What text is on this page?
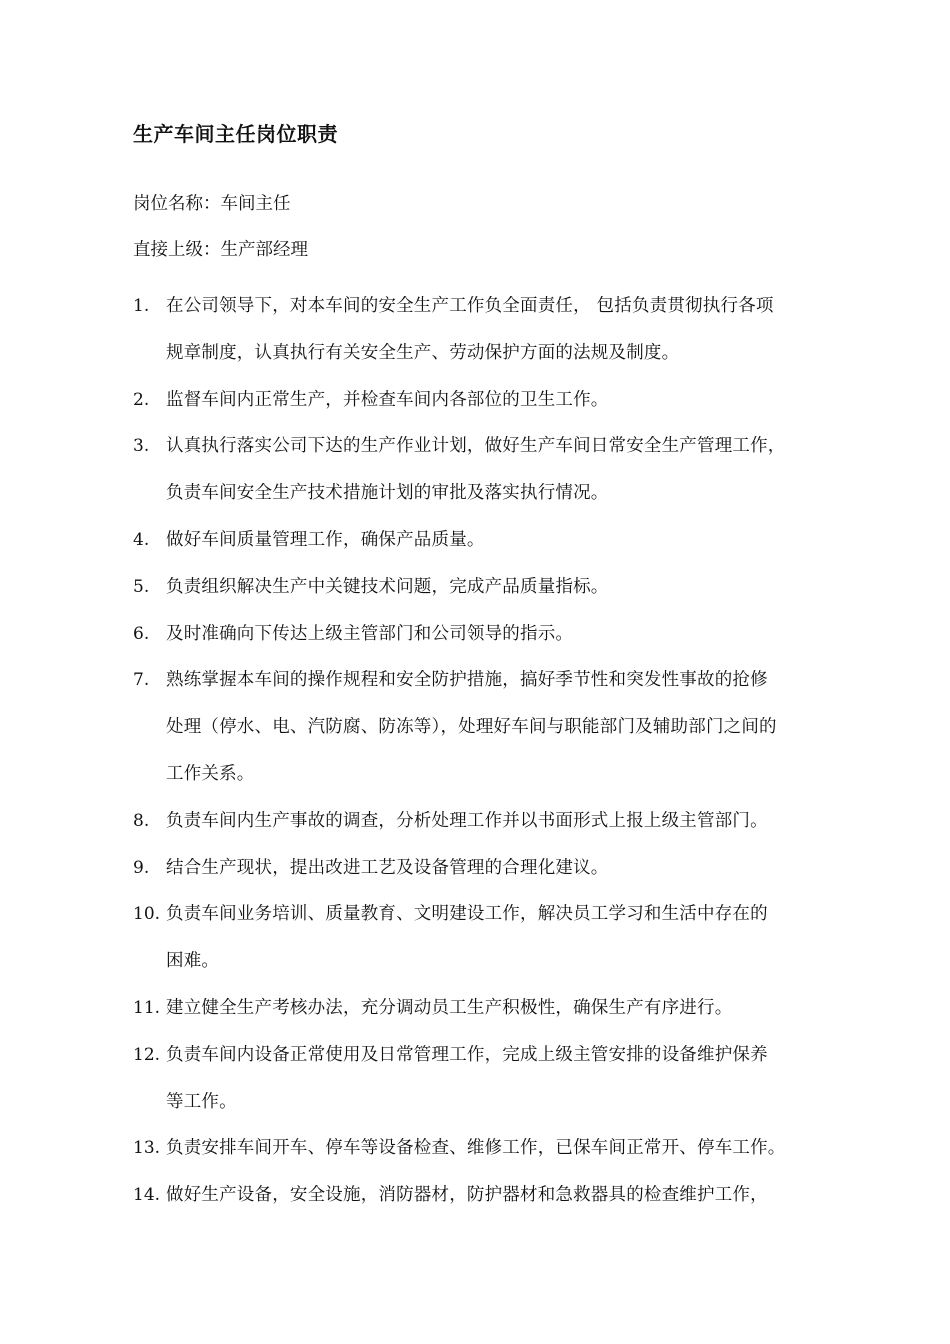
生产车间主任岗位职责
岗位名称：车间主任
直接上级：生产部经理
1. 在公司领导下，对本车间的安全生产工作负全面责任， 包括负责贯彻执行各项
规章制度，认真执行有关安全生产、劳动保护方面的法规及制度。
2. 监督车间内正常生产，并检查车间内各部位的卫生工作。
3. 认真执行落实公司下达的生产作业计划，做好生产车间日常安全生产管理工作，
负责车间安全生产技术措施计划的审批及落实执行情况。
4. 做好车间质量管理工作，确保产品质量。
5. 负责组织解决生产中关键技术问题，完成产品质量指标。
6. 及时准确向下传达上级主管部门和公司领导的指示。
7. 熟练掌握本车间的操作规程和安全防护措施，搞好季节性和突发性事故的抢修
处理（停水、电、汽防腐、防冻等），处理好车间与职能部门及辅助部门之间的
工作关系。
8. 负责车间内生产事故的调查，分析处理工作并以书面形式上报上级主管部门。
9. 结合生产现状，提出改进工艺及设备管理的合理化建议。
10. 负责车间业务培训、质量教育、文明建设工作，解决员工学习和生活中存在的
困难。
11. 建立健全生产考核办法，充分调动员工生产积极性，确保生产有序进行。
12. 负责车间内设备正常使用及日常管理工作，完成上级主管安排的设备维护保养
等工作。
13. 负责安排车间开车、停车等设备检查、维修工作，已保车间正常开、停车工作。
14. 做好生产设备，安全设施，消防器材，防护器材和急救器具的检查维护工作，
